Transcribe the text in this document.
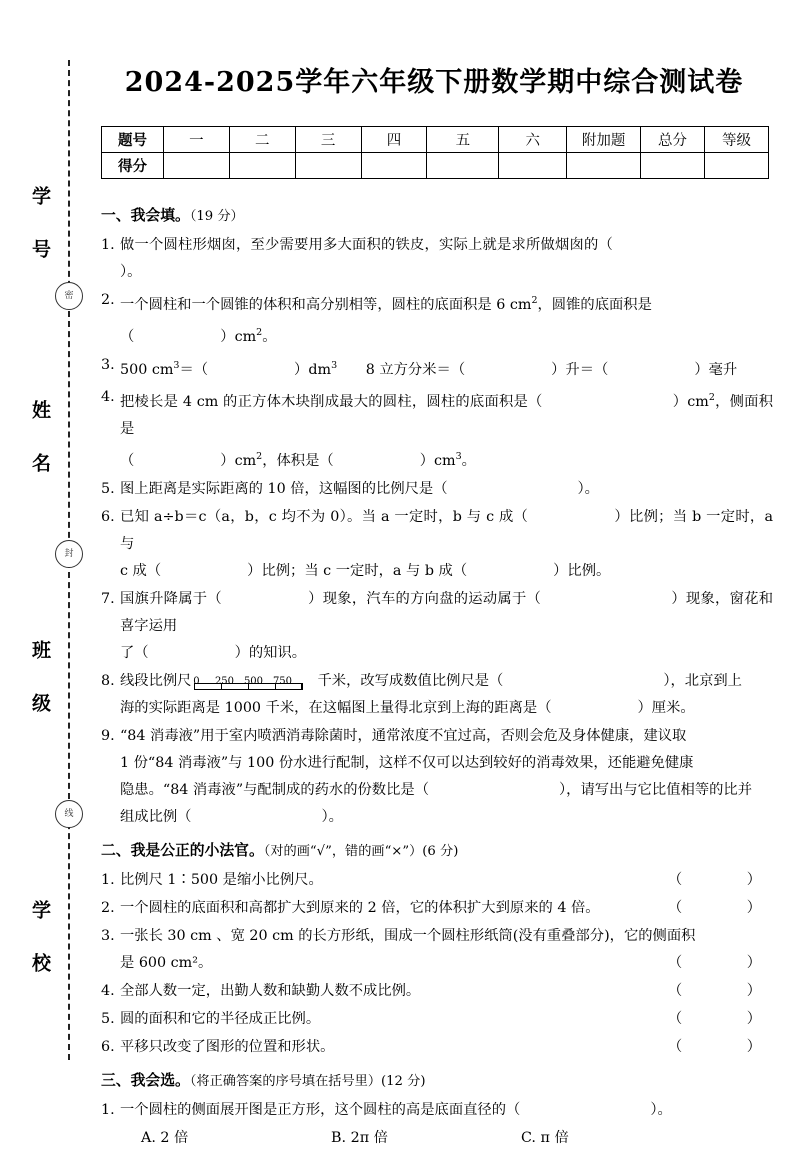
学 号
密
姓 名
封
班 级
线
学 校
2024-2025学年六年级下册数学期中综合测试卷
题号	一	二	三	四	五	六	附加题	总分	等级
得分									
一、我会填。（19 分）
1. 做一个圆柱形烟囱，至少需要用多大面积的铁皮，实际上就是求所做烟囱的（）。
2. 一个圆柱和一个圆锥的体积和高分别相等，圆柱的底面积是 6 $cm^2$，圆锥的底面积是
（	）$cm^2$。
3. 500 $cm^3=$（	）$dm^3$　　8 立方分米＝（	）升＝（	）毫升
4. 把棱长是 4 cm 的正方体木块削成最大的圆柱，圆柱的底面积是（	）$cm^2$，侧面积是
（	）$cm^2$，体积是（	）$cm^3$。
5. 图上距离是实际距离的 10 倍，这幅图的比例尺是（	）。
6. 已知 a÷b＝c（a，b，c 均不为 0）。当 a 一定时，b 与 c 成（	）比例；当 b 一定时，a 与
c 成（	）比例；当 c 一定时，a 与 b 成（	）比例。
7. 国旗升降属于（	）现象，汽车的方向盘的运动属于（	）现象，窗花和喜字运用
了（	）的知识。
8. 线段比例尺 0 250 500 750 千米，改写成数值比例尺是（	），北京到上
海的实际距离是 1000 千米，在这幅图上量得北京到上海的距离是（	）厘米。
9. “84 消毒液”用于室内喷洒消毒除菌时，通常浓度不宜过高，否则会危及身体健康，建议取
1 份“84 消毒液”与 100 份水进行配制，这样不仅可以达到较好的消毒效果，还能避免健康
隐患。“84 消毒液”与配制成的药水的份数比是（	），请写出与它比值相等的比并
组成比例（	）。
二、我是公正的小法官。（对的画“√”，错的画“×”）(6 分)
1.	（　　）
比例尺 1∶500 是缩小比例尺。
2.	（　　）
一个圆柱的底面积和高都扩大到原来的 2 倍，它的体积扩大到原来的 4 倍。
3. 一张长 30 cm 、宽 20 cm 的长方形纸，围成一个圆柱形纸筒(没有重叠部分)，它的侧面积
（　　）
是 600 cm²。
4.	（　　）
全部人数一定，出勤人数和缺勤人数不成比例。
5.	（　　）
圆的面积和它的半径成正比例。
6.	（　　）
平移只改变了图形的位置和形状。
三、我会选。（将正确答案的序号填在括号里）(12 分)
1. 一个圆柱的侧面展开图是正方形，这个圆柱的高是底面直径的（	）。
A. 2 倍	B. 2π 倍	C. π 倍
